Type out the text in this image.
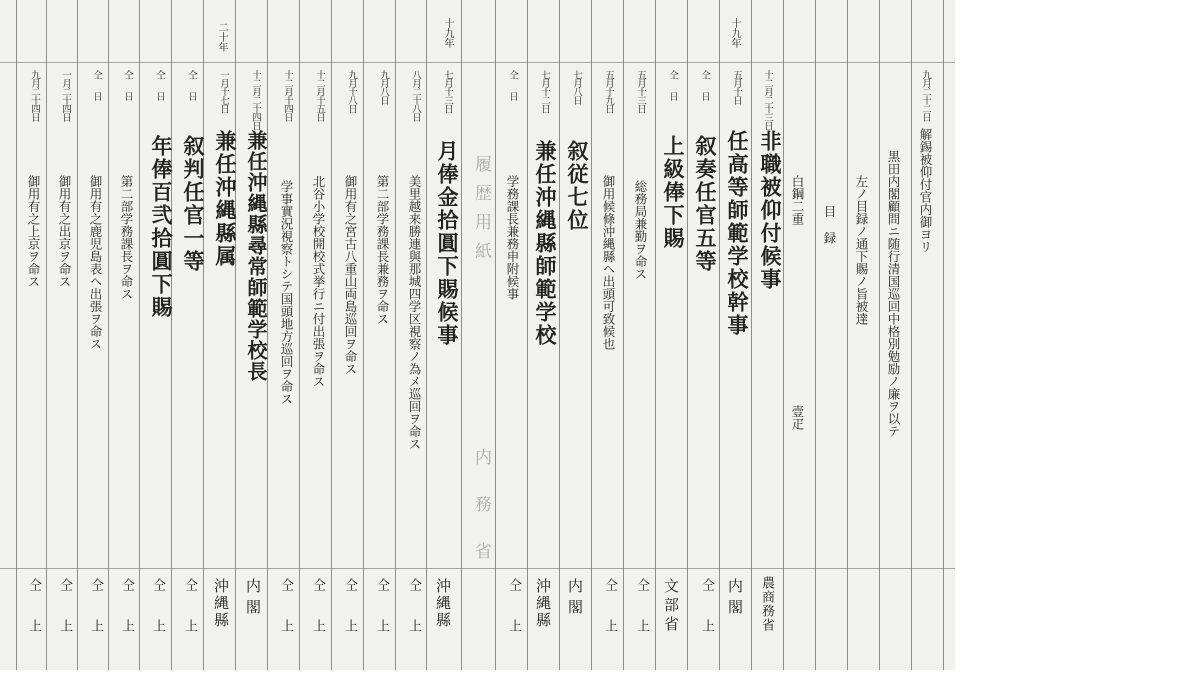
十九年
十九年
二十年
履歴用紙
内務省
九月二十二日
解錫被仰付官内御ヨリ
黒田内閣顧問ニ随行清国巡回中格別勉励ノ廉ヲ以テ
左ノ目録ノ通下賜ノ旨被達
目録
白鋼二重
壹疋
農商務省
十二月二十三日
非職被仰付候事
内閣
五月十日
任高等師範学校幹事
仝上
仝日
叙奏任官五等
文部省
仝日
上級俸下賜
五月十三日
総務局兼勤ヲ命ス
仝上
五月十九日
御用候條沖縄縣ヘ出頭可致候也
仝上
七月八日
叙従七位
内閣
七月十二日
兼任沖縄縣師範学校
沖縄縣
仝日
学務課長兼務申附候事
仝上
七月十三日
月俸金拾圓下賜候事
沖縄縣
八月二十八日
美里越来勝連與那城四学区視察ノ為メ巡回ヲ命ス
仝上
九月八日
第二部学務課長兼務ヲ命ス
仝上
九月十八日
御用有之宮古八重山両島巡回ヲ命ス
仝上
十二月十五日
北谷小学校開校式挙行ニ付出張ヲ命ス
仝上
十二月十四日
学事實況視察トシテ国頭地方巡回ヲ命ス
仝上
十二月二十四日
兼任沖縄縣尋常師範学校長
内閣
一月十七日
兼任沖縄縣属
沖縄縣
仝日
叙判任官一等
仝上
仝日
年俸百弐拾圓下賜
仝上
仝日
第二部学務課長ヲ命ス
仝上
仝日
御用有之鹿児島表ヘ出張ヲ命ス
仝上
一月二十四日
御用有之出京ヲ命ス
仝上
九月二十四日
御用有之上京ヲ命ス
仝上
